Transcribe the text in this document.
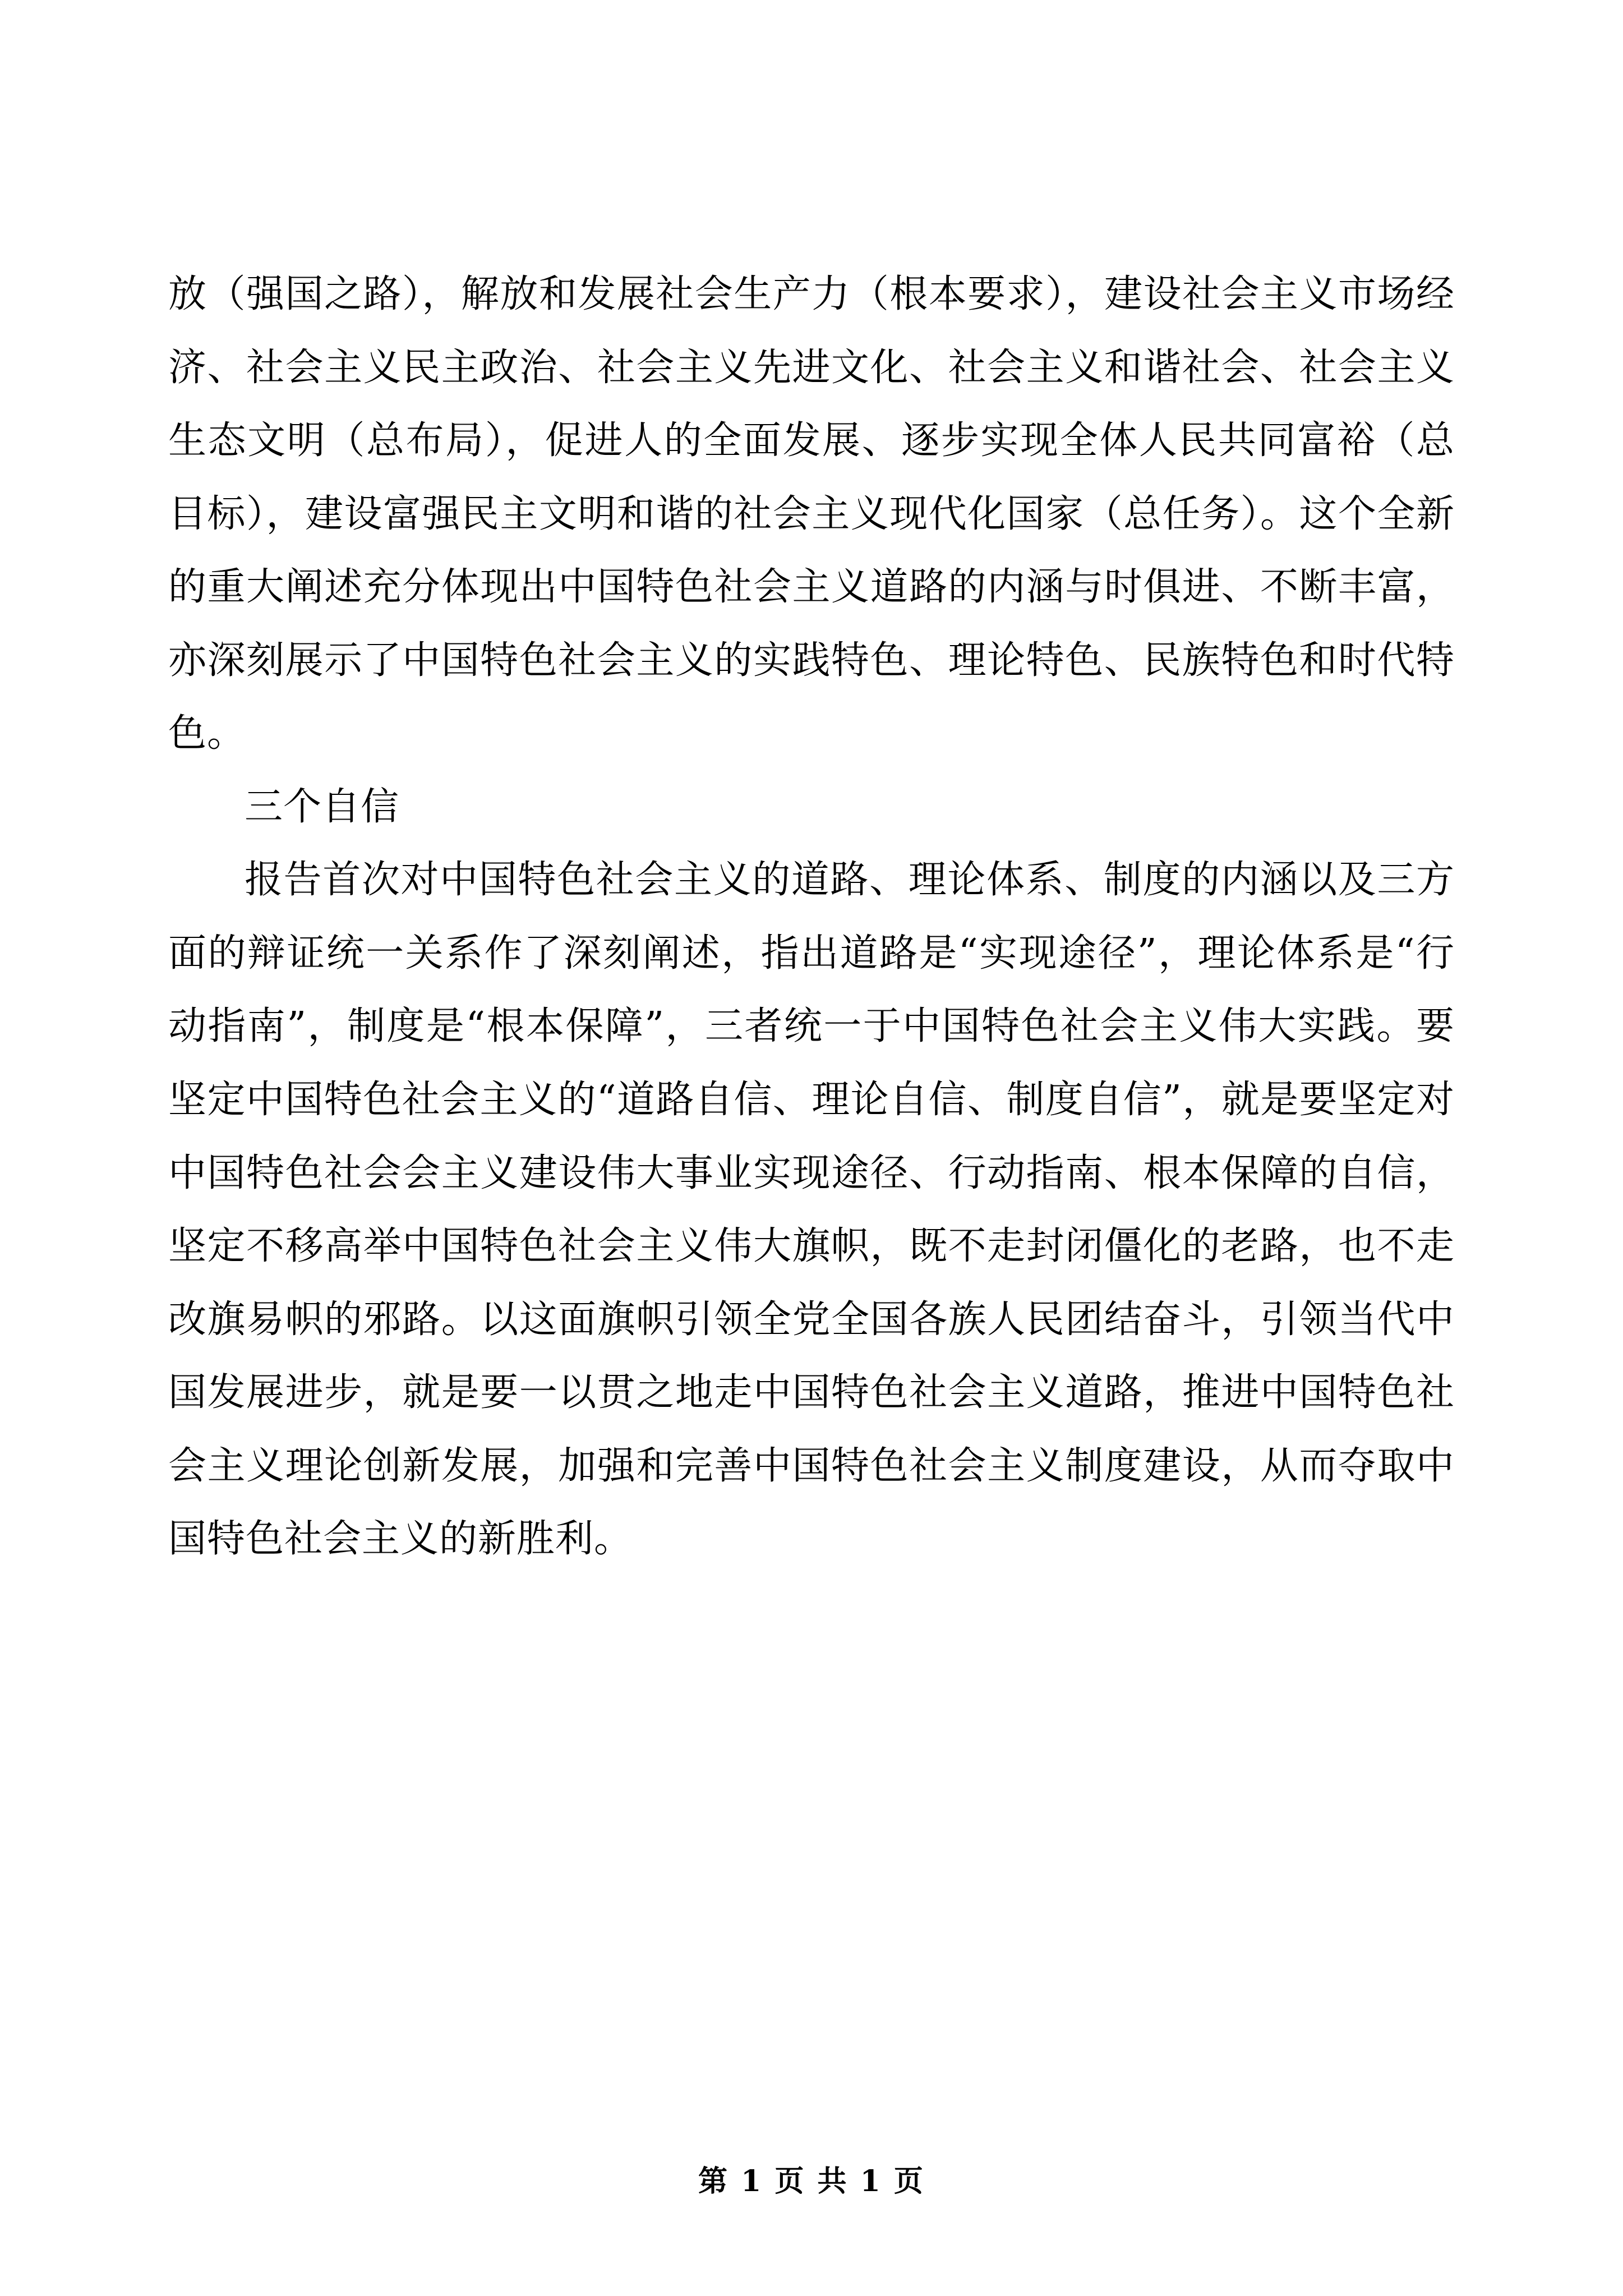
放（强国之路），解放和发展社会生产力（根本要求），建设社会主义市场经济、社会主义民主政治、社会主义先进文化、社会主义和谐社会、社会主义生态文明（总布局），促进人的全面发展、逐步实现全体人民共同富裕（总目标），建设富强民主文明和谐的社会主义现代化国家（总任务）。这个全新的重大阐述充分体现出中国特色社会主义道路的内涵与时俱进、不断丰富，亦深刻展示了中国特色社会主义的实践特色、理论特色、民族特色和时代特色。

三个自信

报告首次对中国特色社会主义的道路、理论体系、制度的内涵以及三方面的辩证统一关系作了深刻阐述，指出道路是“实现途径”，理论体系是“行动指南”，制度是“根本保障”，三者统一于中国特色社会主义伟大实践。要坚定中国特色社会主义的“道路自信、理论自信、制度自信”，就是要坚定对中国特色社会会主义建设伟大事业实现途径、行动指南、根本保障的自信，坚定不移高举中国特色社会主义伟大旗帜，既不走封闭僵化的老路，也不走改旗易帜的邪路。以这面旗帜引领全党全国各族人民团结奋斗，引领当代中国发展进步，就是要一以贯之地走中国特色社会主义道路，推进中国特色社会主义理论创新发展，加强和完善中国特色社会主义制度建设，从而夺取中国特色社会主义的新胜利。

第 1 页 共 1 页
